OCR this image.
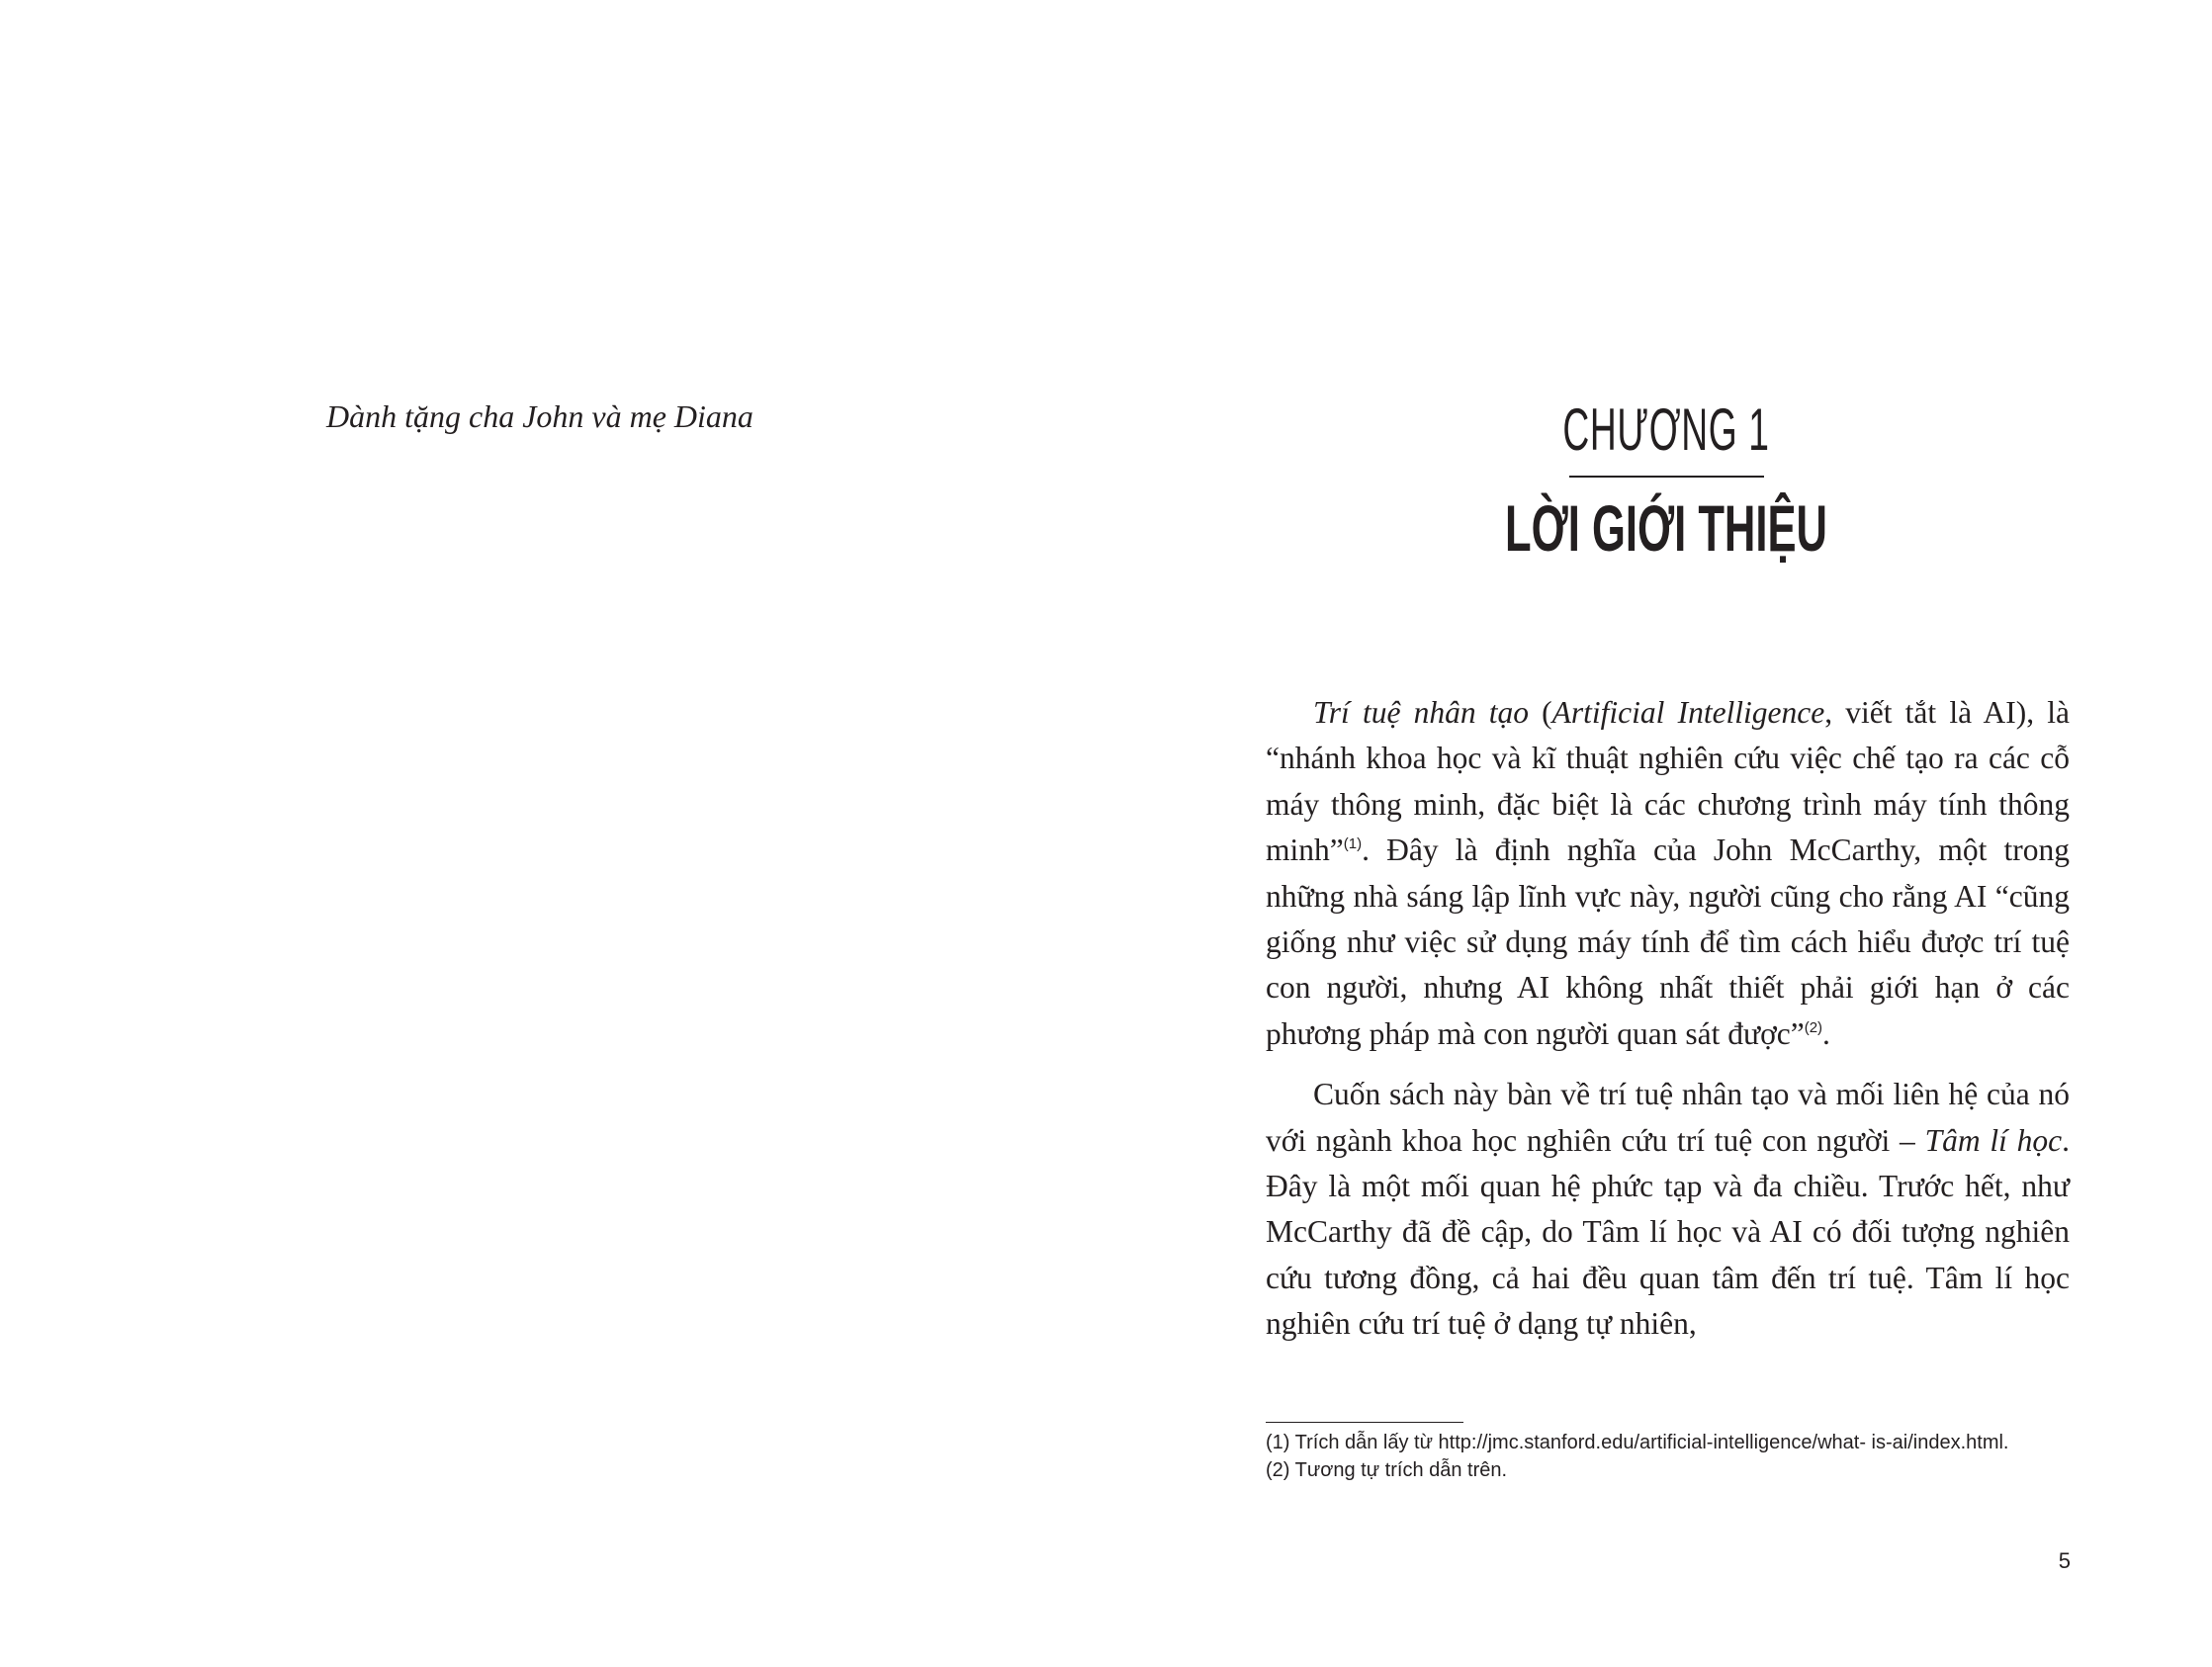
Dành tặng cha John và mẹ Diana	CHƯƠNG 1
LỜI GIỚI THIỆU

Trí tuệ nhân tạo (Artificial Intelligence, viết tắt là AI), là “nhánh khoa học và kĩ thuật nghiên cứu việc chế tạo ra các cỗ máy thông minh, đặc biệt là các chương trình máy tính thông minh”$^{(1)}$. Đây là định nghĩa của John McCarthy, một trong những nhà sáng lập lĩnh vực này, người cũng cho rằng AI “cũng giống như việc sử dụng máy tính để tìm cách hiểu được trí tuệ con người, nhưng AI không nhất thiết phải giới hạn ở các phương pháp mà con người quan sát được”$^{(2)}$.

Cuốn sách này bàn về trí tuệ nhân tạo và mối liên hệ của nó với ngành khoa học nghiên cứu trí tuệ con người – Tâm lí học. Đây là một mối quan hệ phức tạp và đa chiều. Trước hết, như McCarthy đã đề cập, do Tâm lí học và AI có đối tượng nghiên cứu tương đồng, cả hai đều quan tâm đến trí tuệ. Tâm lí học nghiên cứu trí tuệ ở dạng tự nhiên,

(1) Trích dẫn lấy từ http://jmc.stanford.edu/artificial-intelligence/what- is-ai/index.html.
(2) Tương tự trích dẫn trên.
5
